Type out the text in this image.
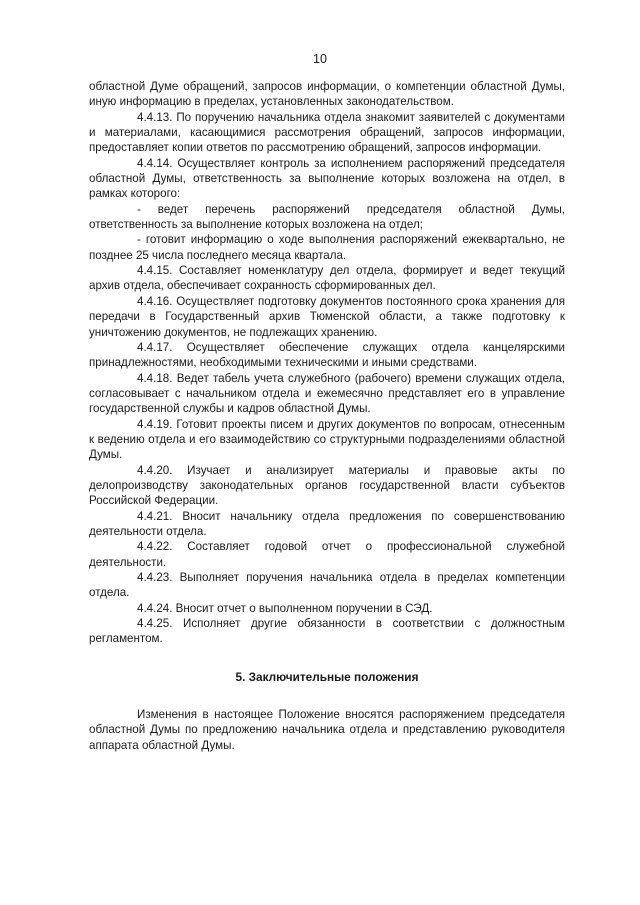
10

областной Думе обращений, запросов информации, о компетенции областной Думы, иную информацию в пределах, установленных законодательством.

4.4.13. По поручению начальника отдела знакомит заявителей с документами и материалами, касающимися рассмотрения обращений, запросов информации, предоставляет копии ответов по рассмотрению обращений, запросов информации.

4.4.14. Осуществляет контроль за исполнением распоряжений председателя областной Думы, ответственность за выполнение которых возложена на отдел, в рамках которого:

- ведет перечень распоряжений председателя областной Думы, ответственность за выполнение которых возложена на отдел;

- готовит информацию о ходе выполнения распоряжений ежеквартально, не позднее 25 числа последнего месяца квартала.

4.4.15. Составляет номенклатуру дел отдела, формирует и ведет текущий архив отдела, обеспечивает сохранность сформированных дел.

4.4.16. Осуществляет подготовку документов постоянного срока хранения для передачи в Государственный архив Тюменской области, а также подготовку к уничтожению документов, не подлежащих хранению.

4.4.17. Осуществляет обеспечение служащих отдела канцелярскими принадлежностями, необходимыми техническими и иными средствами.

4.4.18. Ведет табель учета служебного (рабочего) времени служащих отдела, согласовывает с начальником отдела и ежемесячно представляет его в управление государственной службы и кадров областной Думы.

4.4.19. Готовит проекты писем и других документов по вопросам, отнесенным к ведению отдела и его взаимодействию со структурными подразделениями областной Думы.

4.4.20. Изучает и анализирует материалы и правовые акты по делопроизводству законодательных органов государственной власти субъектов Российской Федерации.

4.4.21. Вносит начальнику отдела предложения по совершенствованию деятельности отдела.

4.4.22. Составляет годовой отчет о профессиональной служебной деятельности.

4.4.23. Выполняет поручения начальника отдела в пределах компетенции отдела.

4.4.24. Вносит отчет о выполненном поручении в СЭД.

4.4.25. Исполняет другие обязанности в соответствии с должностным регламентом.

5. Заключительные положения

Изменения в настоящее Положение вносятся распоряжением председателя областной Думы по предложению начальника отдела и представлению руководителя аппарата областной Думы.
